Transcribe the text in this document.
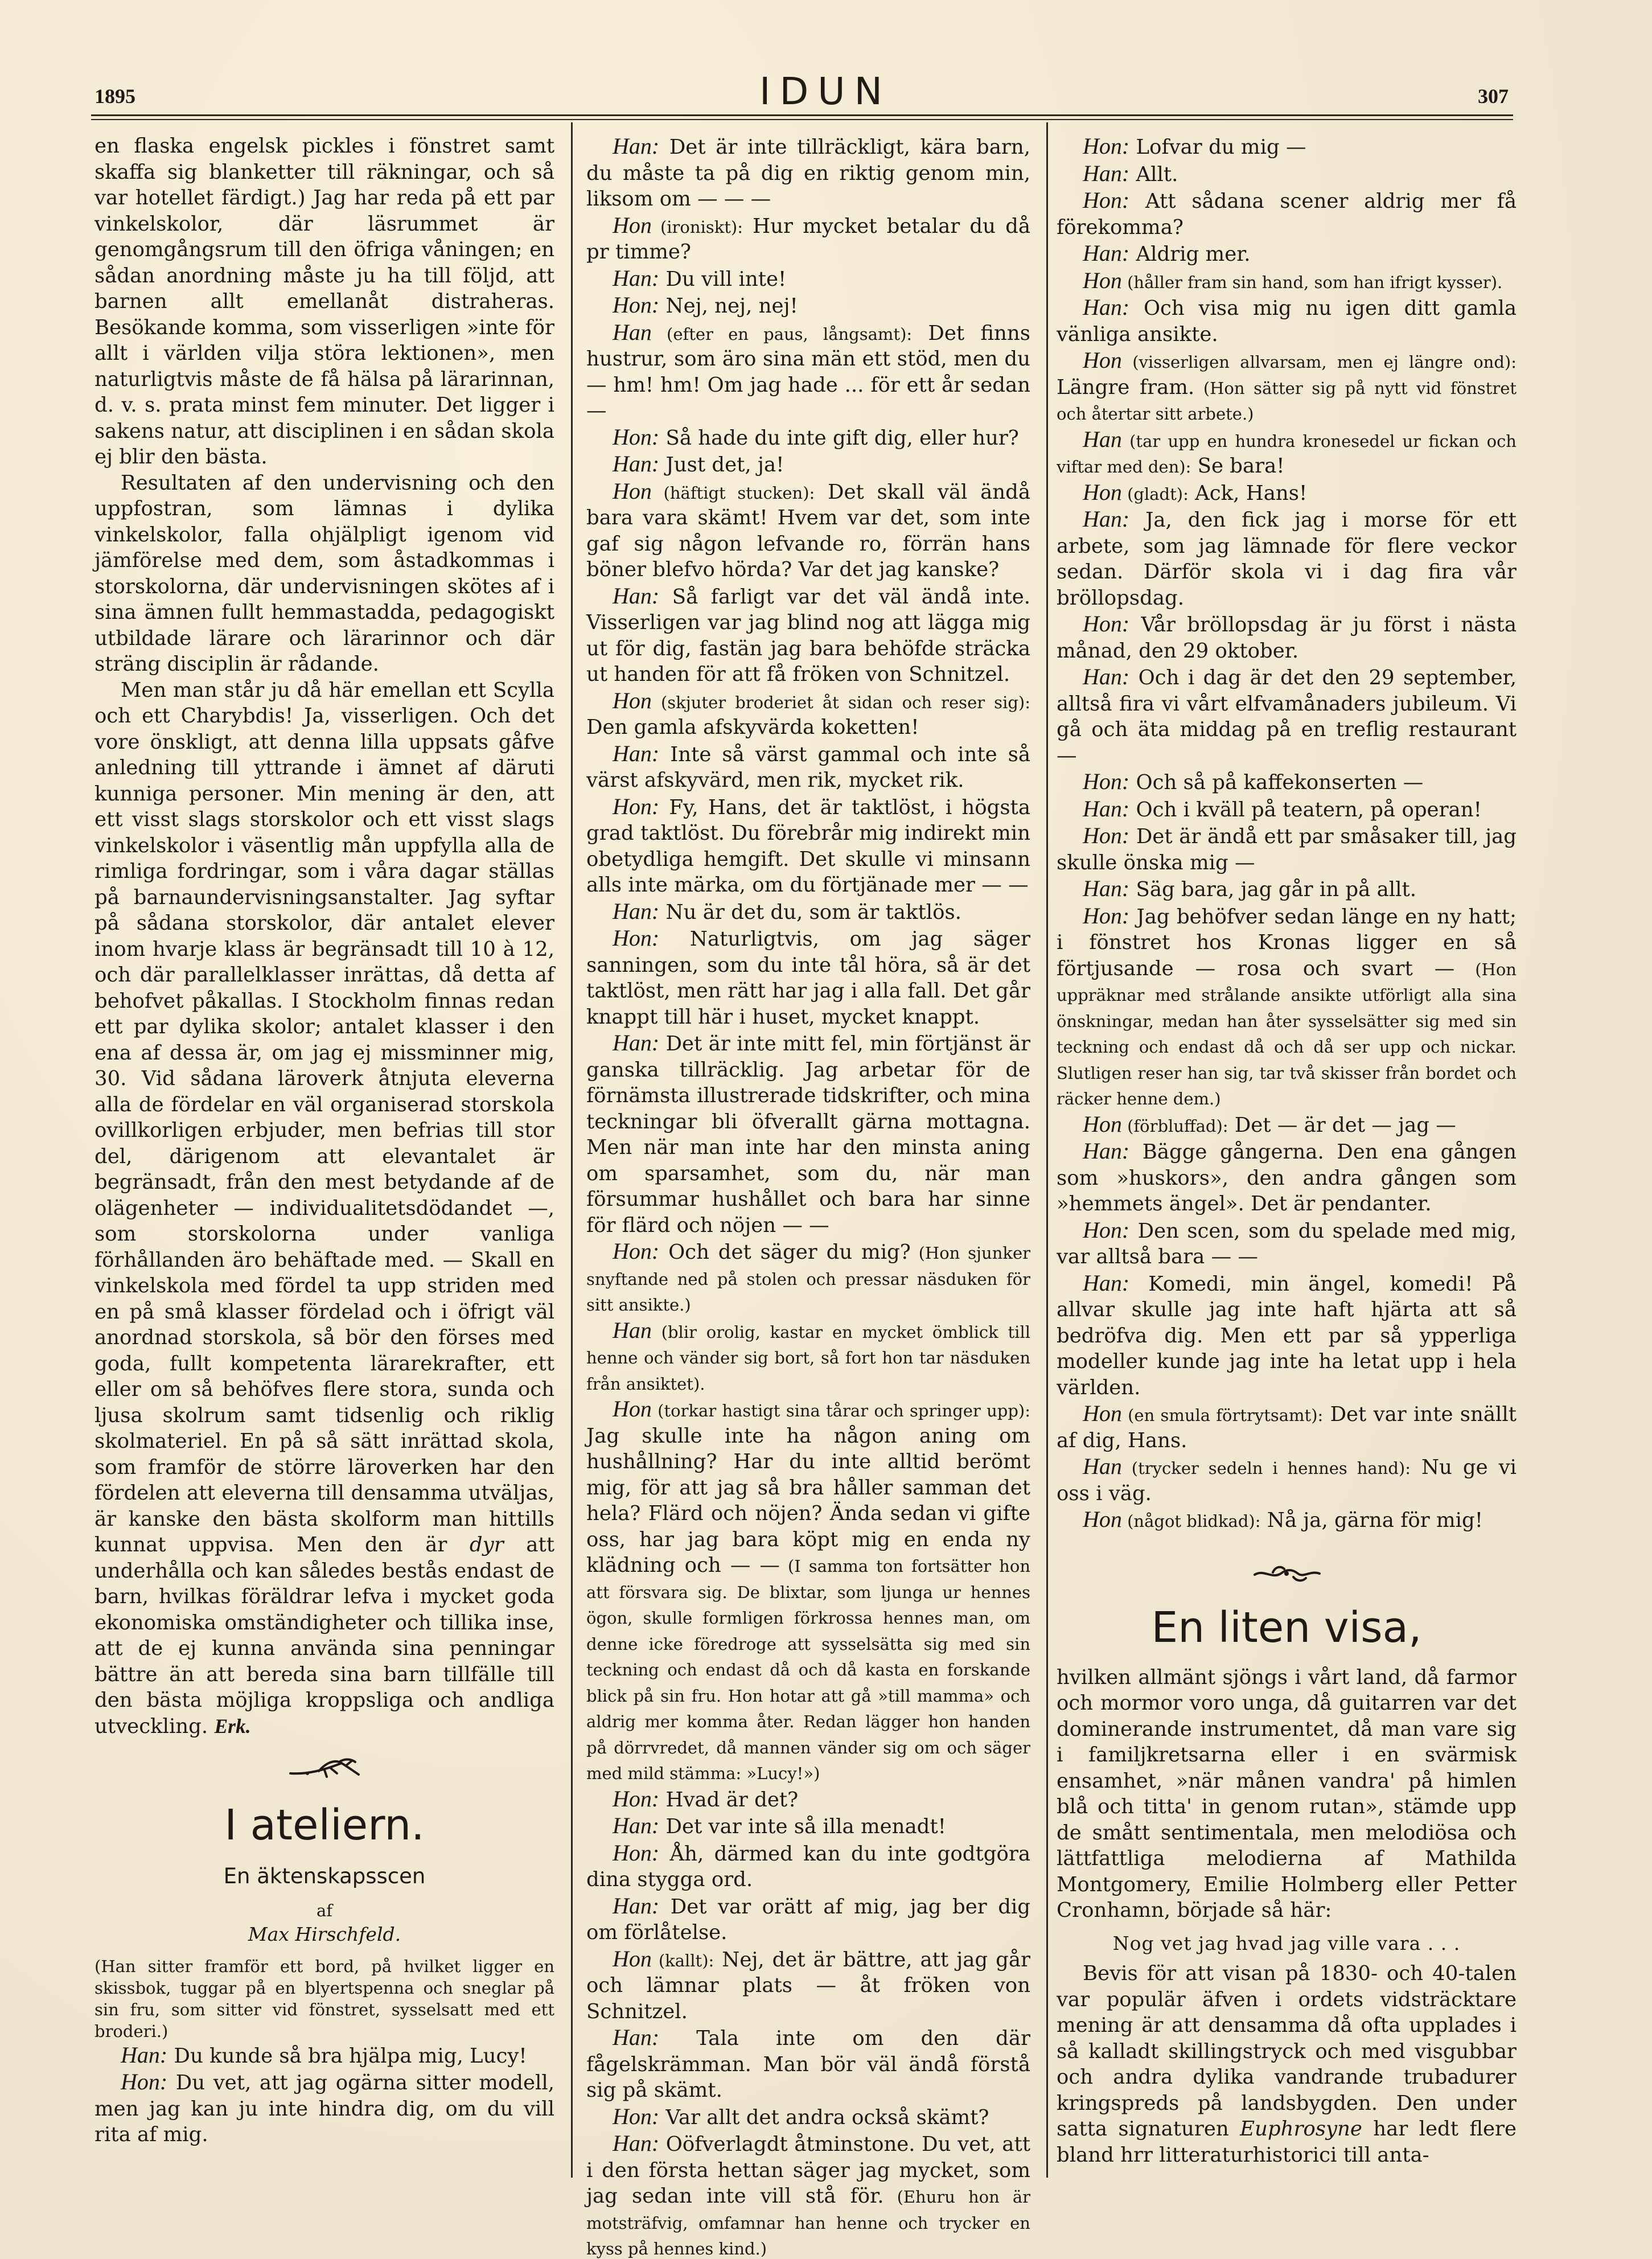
1895	IDUN	307

en flaska engelsk pickles i fönstret samt skaffa sig blanketter till räkningar, och så var hotellet färdigt.) Jag har reda på ett par vinkelskolor, där läsrummet är genomgångsrum till den öfriga våningen; en sådan anordning måste ju ha till följd, att barnen allt emellanåt distraheras. Besökande komma, som visserligen »inte för allt i världen vilja störa lektionen», men naturligtvis måste de få hälsa på lärarinnan, d. v. s. prata minst fem minuter. Det ligger i sakens natur, att disciplinen i en sådan skola ej blir den bästa.

Resultaten af den undervisning och den uppfostran, som lämnas i dylika vinkelskolor, falla ohjälpligt igenom vid jämförelse med dem, som åstadkommas i storskolorna, där undervisningen skötes af i sina ämnen fullt hemmastadda, pedagogiskt utbildade lärare och lärarinnor och där sträng disciplin är rådande.

Men man står ju då här emellan ett Scylla och ett Charybdis! Ja, visserligen. Och det vore önskligt, att denna lilla uppsats gåfve anledning till yttrande i ämnet af däruti kunniga personer. Min mening är den, att ett visst slags storskolor och ett visst slags vinkelskolor i väsentlig mån uppfylla alla de rimliga fordringar, som i våra dagar ställas på barnaundervisningsanstalter. Jag syftar på sådana storskolor, där antalet elever inom hvarje klass är begränsadt till 10 à 12, och där parallelklasser inrättas, då detta af behofvet påkallas. I Stockholm finnas redan ett par dylika skolor; antalet klasser i den ena af dessa är, om jag ej missminner mig, 30. Vid sådana läroverk åtnjuta eleverna alla de fördelar en väl organiserad storskola ovillkorligen erbjuder, men befrias till stor del, därigenom att elevantalet är begränsadt, från den mest betydande af de olägenheter — individualitetsdödandet —, som storskolorna under vanliga förhållanden äro behäftade med. — Skall en vinkelskola med fördel ta upp striden med en på små klasser fördelad och i öfrigt väl anordnad storskola, så bör den förses med goda, fullt kompetenta lärarekrafter, ett eller om så behöfves flere stora, sunda och ljusa skolrum samt tidsenlig och riklig skolmateriel. En på så sätt inrättad skola, som framför de större läroverken har den fördelen att eleverna till densamma utväljas, är kanske den bästa skolform man hittills kunnat uppvisa. Men den är dyr att underhålla och kan således bestås endast de barn, hvilkas föräldrar lefva i mycket goda ekonomiska omständigheter och tillika inse, att de ej kunna använda sina penningar bättre än att bereda sina barn tillfälle till den bästa möjliga kroppsliga och andliga utveckling. Erk.

I ateliern.

En äktenskapsscen

af

Max Hirschfeld.

(Han sitter framför ett bord, på hvilket ligger en skissbok, tuggar på en blyertspenna och sneglar på sin fru, som sitter vid fönstret, sysselsatt med ett broderi.)

Han: Du kunde så bra hjälpa mig, Lucy!

Hon: Du vet, att jag ogärna sitter modell, men jag kan ju inte hindra dig, om du vill rita af mig.

Han: Det är inte tillräckligt, kära barn, du måste ta på dig en riktig genom min, liksom om — — —

Hon (ironiskt): Hur mycket betalar du då pr timme?

Han: Du vill inte!

Hon: Nej, nej, nej!

Han (efter en paus, långsamt): Det finns hustrur, som äro sina män ett stöd, men du — hm! hm! Om jag hade ... för ett år sedan —

Hon: Så hade du inte gift dig, eller hur?

Han: Just det, ja!

Hon (häftigt stucken): Det skall väl ändå bara vara skämt! Hvem var det, som inte gaf sig någon lefvande ro, förrän hans böner blefvo hörda? Var det jag kanske?

Han: Så farligt var det väl ändå inte. Visserligen var jag blind nog att lägga mig ut för dig, fastän jag bara behöfde sträcka ut handen för att få fröken von Schnitzel.

Hon (skjuter broderiet åt sidan och reser sig): Den gamla afskyvärda koketten!

Han: Inte så värst gammal och inte så värst afskyvärd, men rik, mycket rik.

Hon: Fy, Hans, det är taktlöst, i högsta grad taktlöst. Du förebrår mig indirekt min obetydliga hemgift. Det skulle vi minsann alls inte märka, om du förtjänade mer — —

Han: Nu är det du, som är taktlös.

Hon: Naturligtvis, om jag säger sanningen, som du inte tål höra, så är det taktlöst, men rätt har jag i alla fall. Det går knappt till här i huset, mycket knappt.

Han: Det är inte mitt fel, min förtjänst är ganska tillräcklig. Jag arbetar för de förnämsta illustrerade tidskrifter, och mina teckningar bli öfverallt gärna mottagna. Men när man inte har den minsta aning om sparsamhet, som du, när man försummar hushållet och bara har sinne för flärd och nöjen — —

Hon: Och det säger du mig? (Hon sjunker snyftande ned på stolen och pressar näsduken för sitt ansikte.)

Han (blir orolig, kastar en mycket ömblick till henne och vänder sig bort, så fort hon tar näsduken från ansiktet).

Hon (torkar hastigt sina tårar och springer upp): Jag skulle inte ha någon aning om hushållning? Har du inte alltid berömt mig, för att jag så bra håller samman det hela? Flärd och nöjen? Ända sedan vi gifte oss, har jag bara köpt mig en enda ny klädning och — — (I samma ton fortsätter hon att försvara sig. De blixtar, som ljunga ur hennes ögon, skulle formligen förkrossa hennes man, om denne icke föredroge att sysselsätta sig med sin teckning och endast då och då kasta en forskande blick på sin fru. Hon hotar att gå »till mamma» och aldrig mer komma åter. Redan lägger hon handen på dörrvredet, då mannen vänder sig om och säger med mild stämma: »Lucy!»)

Hon: Hvad är det?

Han: Det var inte så illa menadt!

Hon: Åh, därmed kan du inte godtgöra dina stygga ord.

Han: Det var orätt af mig, jag ber dig om förlåtelse.

Hon (kallt): Nej, det är bättre, att jag går och lämnar plats — åt fröken von Schnitzel.

Han: Tala inte om den där fågelskrämman. Man bör väl ändå förstå sig på skämt.

Hon: Var allt det andra också skämt?

Han: Oöfverlagdt åtminstone. Du vet, att i den första hettan säger jag mycket, som jag sedan inte vill stå för. (Ehuru hon är motsträfvig, omfamnar han henne och trycker en kyss på hennes kind.)

Hon: Lofvar du mig —

Han: Allt.

Hon: Att sådana scener aldrig mer få förekomma?

Han: Aldrig mer.

Hon (håller fram sin hand, som han ifrigt kysser).

Han: Och visa mig nu igen ditt gamla vänliga ansikte.

Hon (visserligen allvarsam, men ej längre ond): Längre fram. (Hon sätter sig på nytt vid fönstret och återtar sitt arbete.)

Han (tar upp en hundra kronesedel ur fickan och viftar med den): Se bara!

Hon (gladt): Ack, Hans!

Han: Ja, den fick jag i morse för ett arbete, som jag lämnade för flere veckor sedan. Därför skola vi i dag fira vår bröllopsdag.

Hon: Vår bröllopsdag är ju först i nästa månad, den 29 oktober.

Han: Och i dag är det den 29 september, alltså fira vi vårt elfvamånaders jubileum. Vi gå och äta middag på en treflig restaurant —

Hon: Och så på kaffekonserten —

Han: Och i kväll på teatern, på operan!

Hon: Det är ändå ett par småsaker till, jag skulle önska mig —

Han: Säg bara, jag går in på allt.

Hon: Jag behöfver sedan länge en ny hatt; i fönstret hos Kronas ligger en så förtjusande — rosa och svart — (Hon uppräknar med strålande ansikte utförligt alla sina önskningar, medan han åter sysselsätter sig med sin teckning och endast då och då ser upp och nickar. Slutligen reser han sig, tar två skisser från bordet och räcker henne dem.)

Hon (förbluffad): Det — är det — jag —

Han: Bägge gångerna. Den ena gången som »huskors», den andra gången som »hemmets ängel». Det är pendanter.

Hon: Den scen, som du spelade med mig, var alltså bara — —

Han: Komedi, min ängel, komedi! På allvar skulle jag inte haft hjärta att så bedröfva dig. Men ett par så ypperliga modeller kunde jag inte ha letat upp i hela världen.

Hon (en smula förtrytsamt): Det var inte snällt af dig, Hans.

Han (trycker sedeln i hennes hand): Nu ge vi oss i väg.

Hon (något blidkad): Nå ja, gärna för mig!

En liten visa,

hvilken allmänt sjöngs i vårt land, då farmor och mormor voro unga, då guitarren var det dominerande instrumentet, då man vare sig i familjkretsarna eller i en svärmisk ensamhet, »när månen vandra' på himlen blå och titta' in genom rutan», stämde upp de smått sentimentala, men melodiösa och lättfattliga melodierna af Mathilda Montgomery, Emilie Holmberg eller Petter Cronhamn, började så här:

Nog vet jag hvad jag ville vara . . .

Bevis för att visan på 1830- och 40-talen var populär äfven i ordets vidsträcktare mening är att densamma då ofta upplades i så kalladt skillingstryck och med visgubbar och andra dylika vandrande trubadurer kringspreds på landsbygden. Den under satta signaturen Euphrosyne har ledt flere bland hrr litteraturhistorici till anta-
